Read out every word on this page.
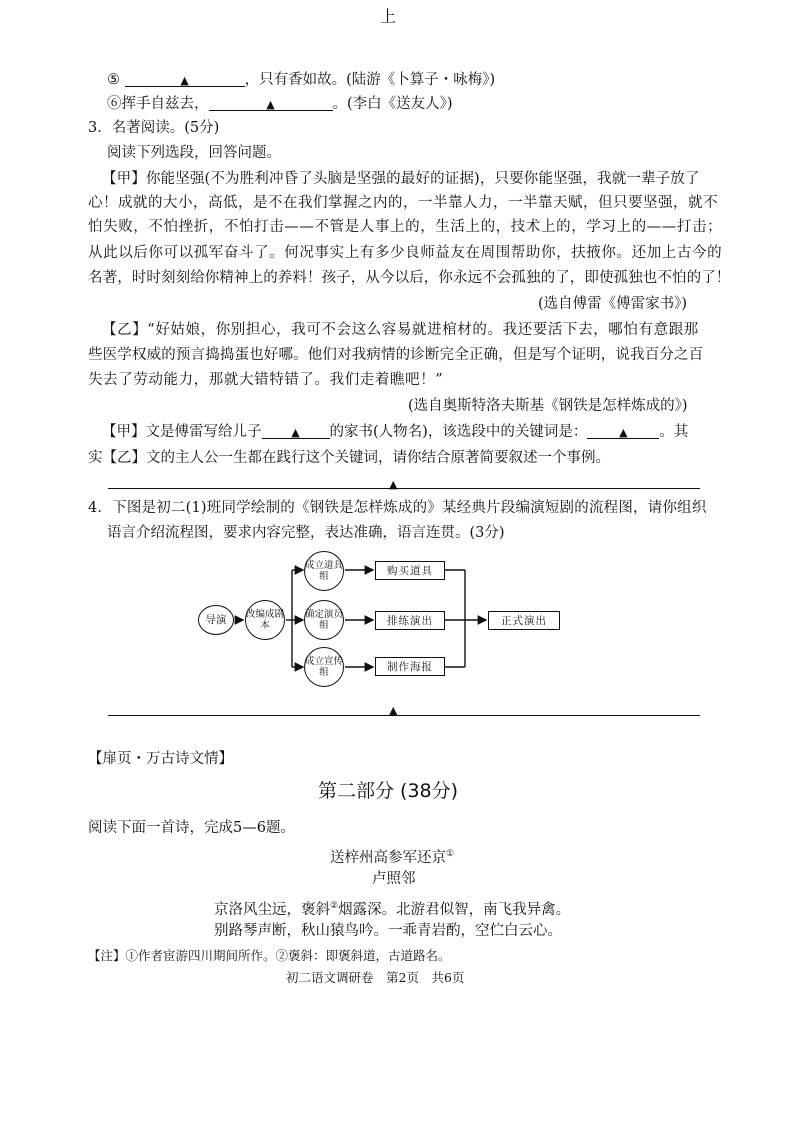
上
⑤	▲	，只有香如故。(陆游《卜算子・咏梅》)
⑥挥手自兹去，	▲	。(李白《送友人》)
3．名著阅读。(5分)
阅读下列选段，回答问题。
【甲】你能坚强(不为胜利冲昏了头脑是坚强的最好的证据)，只要你能坚强，我就一辈子放了
心！成就的大小，高低，是不在我们掌握之内的，一半靠人力，一半靠天赋，但只要坚强，就不
怕失败，不怕挫折，不怕打击——不管是人事上的，生活上的，技术上的，学习上的——打击；
从此以后你可以孤军奋斗了。何况事实上有多少良师益友在周围帮助你，扶掖你。还加上古今的
名著，时时刻刻给你精神上的养料！孩子，从今以后，你永远不会孤独的了，即使孤独也不怕的了！
(选自傅雷《傅雷家书》)
【乙】“好姑娘，你别担心，我可不会这么容易就进棺材的。我还要活下去，哪怕有意跟那
些医学权威的预言捣捣蛋也好哪。他们对我病情的诊断完全正确，但是写个证明，说我百分之百
失去了劳动能力，那就大错特错了。我们走着瞧吧！”
(选自奥斯特洛夫斯基《钢铁是怎样炼成的》)
【甲】文是傅雷写给儿子	▲ 的家书(人物名)，该选段中的关键词是：	▲ 。其
实【乙】文的主人公一生都在践行这个关键词，请你结合原著简要叙述一个事例。
▲
4．下图是初二(1)班同学绘制的《钢铁是怎样炼成的》某经典片段编演短剧的流程图，请你组织
语言介绍流程图，要求内容完整，表达准确，语言连贯。(3分)
导演	改编成剧本
成立道具组
确定演员组
成立宣传组
购买道具
排练演出
制作海报
正式演出
▲
【扉页・万古诗文情】
第二部分 (38分)
阅读下面一首诗，完成5—6题。
送梓州高参军还京①
卢照邻
京洛风尘远，褒斜②烟露深。北游君似智，南飞我异禽。
别路琴声断，秋山猿鸟吟。一乖青岩酌，空伫白云心。
【注】①作者宦游四川期间所作。②褒斜：即褒斜道，古道路名。
初二语文调研卷　第2页　共6页
